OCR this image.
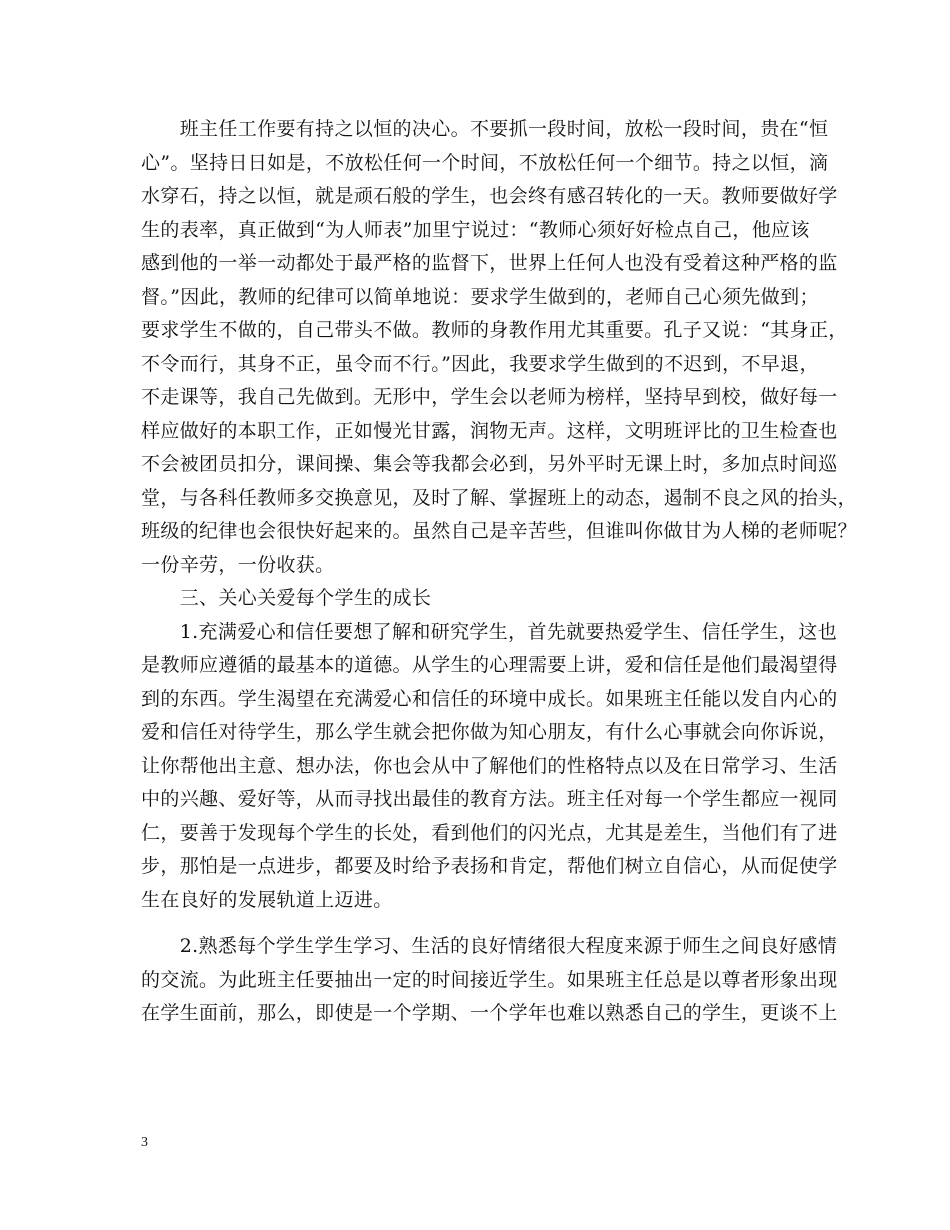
　　班主任工作要有持之以恒的决心。不要抓一段时间，放松一段时间，贵在“恒
心”。坚持日日如是，不放松任何一个时间，不放松任何一个细节。持之以恒，滴
水穿石，持之以恒，就是顽石般的学生，也会终有感召转化的一天。教师要做好学
生的表率，真正做到“为人师表”加里宁说过：“教师心须好好检点自己，他应该
感到他的一举一动都处于最严格的监督下，世界上任何人也没有受着这种严格的监
督。”因此，教师的纪律可以简单地说：要求学生做到的，老师自己心须先做到；
要求学生不做的，自己带头不做。教师的身教作用尤其重要。孔子又说：“其身正，
不令而行，其身不正，虽令而不行。”因此，我要求学生做到的不迟到，不早退，
不走课等，我自己先做到。无形中，学生会以老师为榜样，坚持早到校，做好每一
样应做好的本职工作，正如慢光甘露，润物无声。这样，文明班评比的卫生检查也
不会被团员扣分，课间操、集会等我都会必到，另外平时无课上时，多加点时间巡
堂，与各科任教师多交换意见，及时了解、掌握班上的动态，遏制不良之风的抬头，
班级的纪律也会很快好起来的。虽然自己是辛苦些，但谁叫你做甘为人梯的老师呢？
一份辛劳，一份收获。
　　三、关心关爱每个学生的成长
　　1.充满爱心和信任要想了解和研究学生，首先就要热爱学生、信任学生，这也
是教师应遵循的最基本的道德。从学生的心理需要上讲，爱和信任是他们最渴望得
到的东西。学生渴望在充满爱心和信任的环境中成长。如果班主任能以发自内心的
爱和信任对待学生，那么学生就会把你做为知心朋友，有什么心事就会向你诉说，
让你帮他出主意、想办法，你也会从中了解他们的性格特点以及在日常学习、生活
中的兴趣、爱好等，从而寻找出最佳的教育方法。班主任对每一个学生都应一视同
仁，要善于发现每个学生的长处，看到他们的闪光点，尤其是差生，当他们有了进
步，那怕是一点进步，都要及时给予表扬和肯定，帮他们树立自信心，从而促使学
生在良好的发展轨道上迈进。
　　2.熟悉每个学生学生学习、生活的良好情绪很大程度来源于师生之间良好感情
的交流。为此班主任要抽出一定的时间接近学生。如果班主任总是以尊者形象出现
在学生面前，那么，即使是一个学期、一个学年也难以熟悉自己的学生，更谈不上
3
